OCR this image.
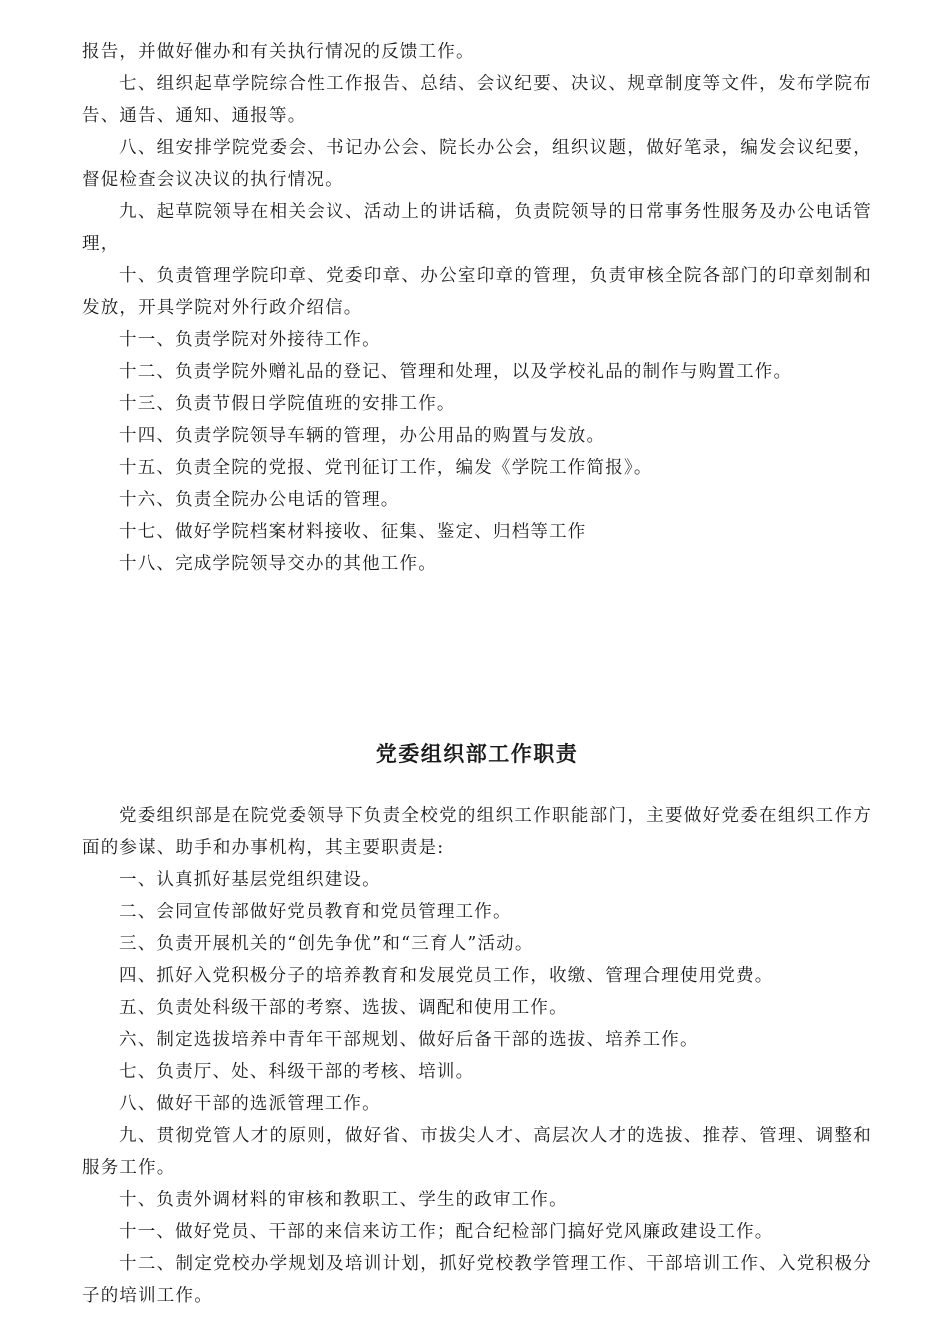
报告，并做好催办和有关执行情况的反馈工作。

七、组织起草学院综合性工作报告、总结、会议纪要、决议、规章制度等文件，发布学院布告、通告、通知、通报等。

八、组安排学院党委会、书记办公会、院长办公会，组织议题，做好笔录，编发会议纪要，督促检查会议决议的执行情况。

九、起草院领导在相关会议、活动上的讲话稿，负责院领导的日常事务性服务及办公电话管理，

十、负责管理学院印章、党委印章、办公室印章的管理，负责审核全院各部门的印章刻制和发放，开具学院对外行政介绍信。

十一、负责学院对外接待工作。

十二、负责学院外赠礼品的登记、管理和处理，以及学校礼品的制作与购置工作。

十三、负责节假日学院值班的安排工作。

十四、负责学院领导车辆的管理，办公用品的购置与发放。

十五、负责全院的党报、党刊征订工作，编发《学院工作简报》。

十六、负责全院办公电话的管理。

十七、做好学院档案材料接收、征集、鉴定、归档等工作

十八、完成学院领导交办的其他工作。

党委组织部工作职责

党委组织部是在院党委领导下负责全校党的组织工作职能部门，主要做好党委在组织工作方面的参谋、助手和办事机构，其主要职责是:

一、认真抓好基层党组织建设。

二、会同宣传部做好党员教育和党员管理工作。

三、负责开展机关的“创先争优”和“三育人”活动。

四、抓好入党积极分子的培养教育和发展党员工作，收缴、管理合理使用党费。

五、负责处科级干部的考察、选拔、调配和使用工作。

六、制定选拔培养中青年干部规划、做好后备干部的选拔、培养工作。

七、负责厅、处、科级干部的考核、培训。

八、做好干部的选派管理工作。

九、贯彻党管人才的原则，做好省、市拔尖人才、高层次人才的选拔、推荐、管理、调整和服务工作。

十、负责外调材料的审核和教职工、学生的政审工作。

十一、做好党员、干部的来信来访工作；配合纪检部门搞好党风廉政建设工作。

十二、制定党校办学规划及培训计划，抓好党校教学管理工作、干部培训工作、入党积极分子的培训工作。
